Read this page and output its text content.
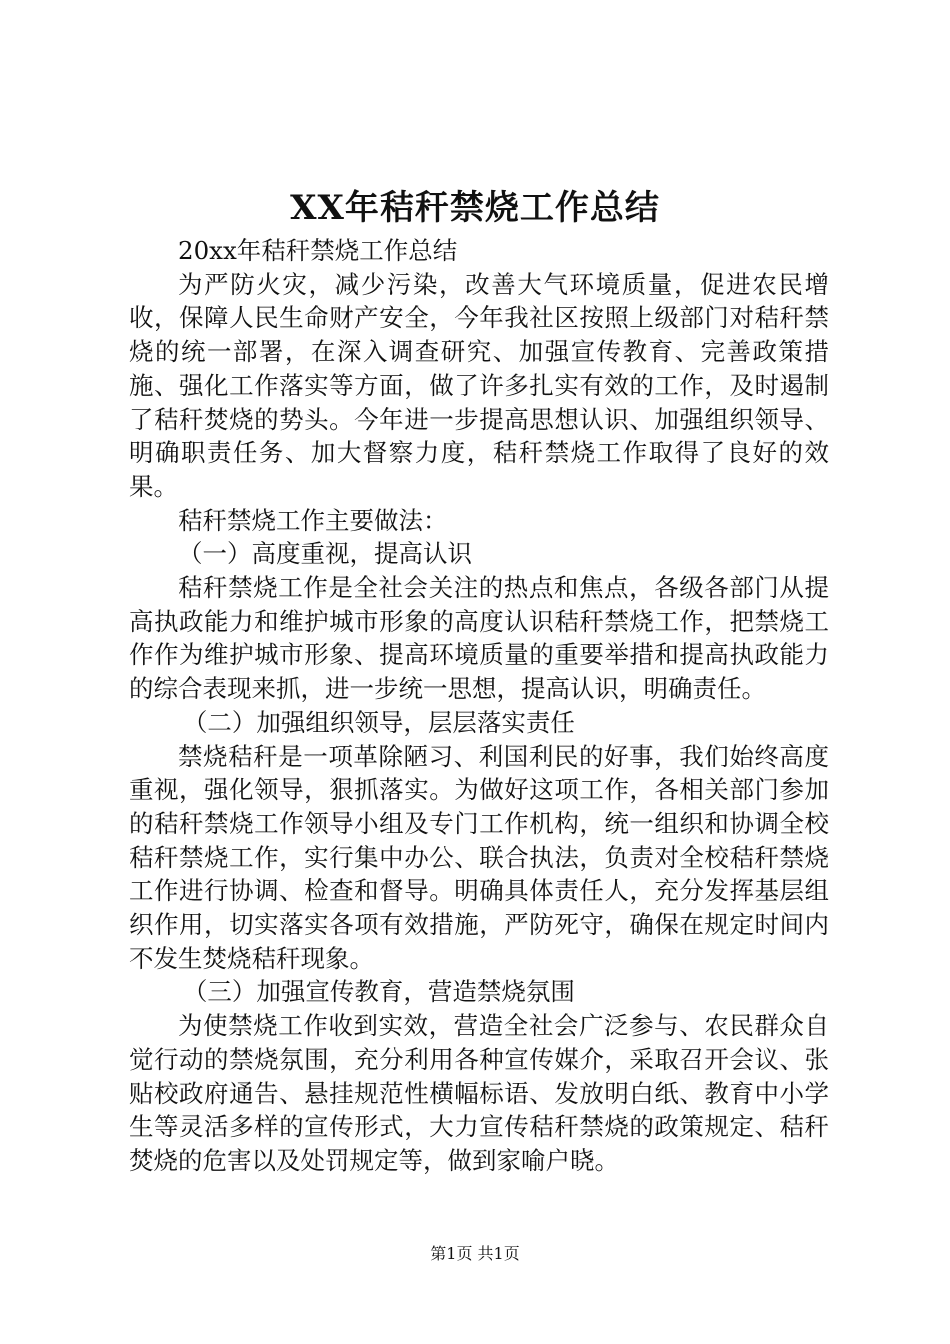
XX年秸秆禁烧工作总结

20xx年秸秆禁烧工作总结

为严防火灾，减少污染，改善大气环境质量，促进农民增收，保障人民生命财产安全，今年我社区按照上级部门对秸秆禁烧的统一部署，在深入调查研究、加强宣传教育、完善政策措施、强化工作落实等方面，做了许多扎实有效的工作，及时遏制了秸秆焚烧的势头。今年进一步提高思想认识、加强组织领导、明确职责任务、加大督察力度，秸秆禁烧工作取得了良好的效果。

秸秆禁烧工作主要做法：

（一）高度重视，提高认识

秸秆禁烧工作是全社会关注的热点和焦点，各级各部门从提高执政能力和维护城市形象的高度认识秸秆禁烧工作，把禁烧工作作为维护城市形象、提高环境质量的重要举措和提高执政能力的综合表现来抓，进一步统一思想，提高认识，明确责任。

（二）加强组织领导，层层落实责任

禁烧秸秆是一项革除陋习、利国利民的好事，我们始终高度重视，强化领导，狠抓落实。为做好这项工作，各相关部门参加的秸秆禁烧工作领导小组及专门工作机构，统一组织和协调全校秸秆禁烧工作，实行集中办公、联合执法，负责对全校秸秆禁烧工作进行协调、检查和督导。明确具体责任人，充分发挥基层组织作用，切实落实各项有效措施，严防死守，确保在规定时间内不发生焚烧秸秆现象。

（三）加强宣传教育，营造禁烧氛围

为使禁烧工作收到实效，营造全社会广泛参与、农民群众自觉行动的禁烧氛围，充分利用各种宣传媒介，采取召开会议、张贴校政府通告、悬挂规范性横幅标语、发放明白纸、教育中小学生等灵活多样的宣传形式，大力宣传秸秆禁烧的政策规定、秸秆焚烧的危害以及处罚规定等，做到家喻户晓。

第1页 共1页
